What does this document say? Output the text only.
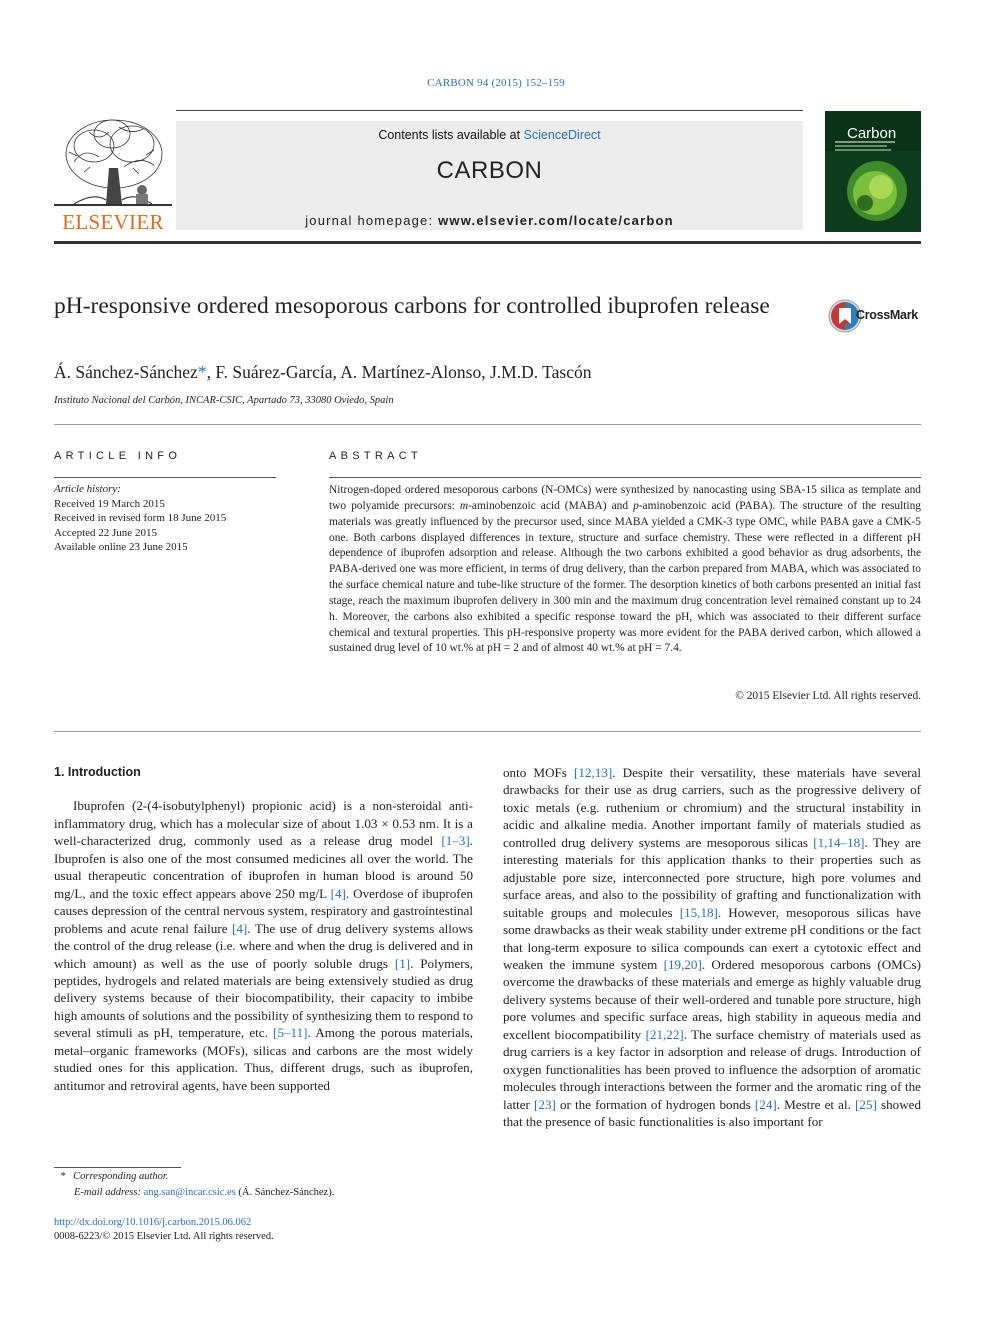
CARBON 94 (2015) 152–159
ELSEVIER
Contents lists available at ScienceDirect
CARBON
journal homepage: www.elsevier.com/locate/carbon
Carbon
pH-responsive ordered mesoporous carbons for controlled ibuprofen release	CrossMark
Á. Sánchez-Sánchez*, F. Suárez-García, A. Martínez-Alonso, J.M.D. Tascón
Instituto Nacional del Carbón, INCAR-CSIC, Apartado 73, 33080 Oviedo, Spain
ARTICLE INFO
Article history:
Received 19 March 2015
Received in revised form 18 June 2015
Accepted 22 June 2015
Available online 23 June 2015
ABSTRACT

Nitrogen-doped ordered mesoporous carbons (N-OMCs) were synthesized by nanocasting using SBA-15 silica as template and two polyamide precursors: m-aminobenzoic acid (MABA) and p-aminobenzoic acid (PABA). The structure of the resulting materials was greatly influenced by the precursor used, since MABA yielded a CMK-3 type OMC, while PABA gave a CMK-5 one. Both carbons displayed differences in texture, structure and surface chemistry. These were reflected in a different pH dependence of ibuprofen adsorption and release. Although the two carbons exhibited a good behavior as drug adsorbents, the PABA-derived one was more efficient, in terms of drug delivery, than the carbon prepared from MABA, which was associated to the surface chemical nature and tube-like structure of the former. The desorption kinetics of both carbons presented an initial fast stage, reach the maximum ibuprofen delivery in 300 min and the maximum drug concentration level remained constant up to 24 h. Moreover, the carbons also exhibited a specific response toward the pH, which was associated to their different surface chemical and textural properties. This pH-responsive property was more evident for the PABA derived carbon, which allowed a sustained drug level of 10 wt.% at pH = 2 and of almost 40 wt.% at pH = 7.4.

© 2015 Elsevier Ltd. All rights reserved.

1. Introduction

Ibuprofen (2-(4-isobutylphenyl) propionic acid) is a non-steroidal anti-inflammatory drug, which has a molecular size of about 1.03 × 0.53 nm. It is a well-characterized drug, commonly used as a release drug model [1–3]. Ibuprofen is also one of the most consumed medicines all over the world. The usual therapeutic concentration of ibuprofen in human blood is around 50 mg/L, and the toxic effect appears above 250 mg/L [4]. Overdose of ibuprofen causes depression of the central nervous system, respiratory and gastrointestinal problems and acute renal failure [4]. The use of drug delivery systems allows the control of the drug release (i.e. where and when the drug is delivered and in which amount) as well as the use of poorly soluble drugs [1]. Polymers, peptides, hydrogels and related materials are being extensively studied as drug delivery systems because of their biocompatibility, their capacity to imbibe high amounts of solutions and the possibility of synthesizing them to respond to several stimuli as pH, temperature, etc. [5–11]. Among the porous materials, metal–organic frameworks (MOFs), silicas and carbons are the most widely studied ones for this application. Thus, different drugs, such as ibuprofen, antitumor and retroviral agents, have been supported

onto MOFs [12,13]. Despite their versatility, these materials have several drawbacks for their use as drug carriers, such as the progressive delivery of toxic metals (e.g. ruthenium or chromium) and the structural instability in acidic and alkaline media. Another important family of materials studied as controlled drug delivery systems are mesoporous silicas [1,14–18]. They are interesting materials for this application thanks to their properties such as adjustable pore size, interconnected pore structure, high pore volumes and surface areas, and also to the possibility of grafting and functionalization with suitable groups and molecules [15,18]. However, mesoporous silicas have some drawbacks as their weak stability under extreme pH conditions or the fact that long-term exposure to silica compounds can exert a cytotoxic effect and weaken the immune system [19,20]. Ordered mesoporous carbons (OMCs) overcome the drawbacks of these materials and emerge as highly valuable drug delivery systems because of their well-ordered and tunable pore structure, high pore volumes and specific surface areas, high stability in aqueous media and excellent biocompatibility [21,22]. The surface chemistry of materials used as drug carriers is a key factor in adsorption and release of drugs. Introduction of oxygen functionalities has been proved to influence the adsorption of aromatic molecules through interactions between the former and the aromatic ring of the latter [23] or the formation of hydrogen bonds [24]. Mestre et al. [25] showed that the presence of basic functionalities is also important for

* Corresponding author.
E-mail address: ang.san@incar.csic.es (Á. Sánchez-Sánchez).
http://dx.doi.org/10.1016/j.carbon.2015.06.062
0008-6223/© 2015 Elsevier Ltd. All rights reserved.
